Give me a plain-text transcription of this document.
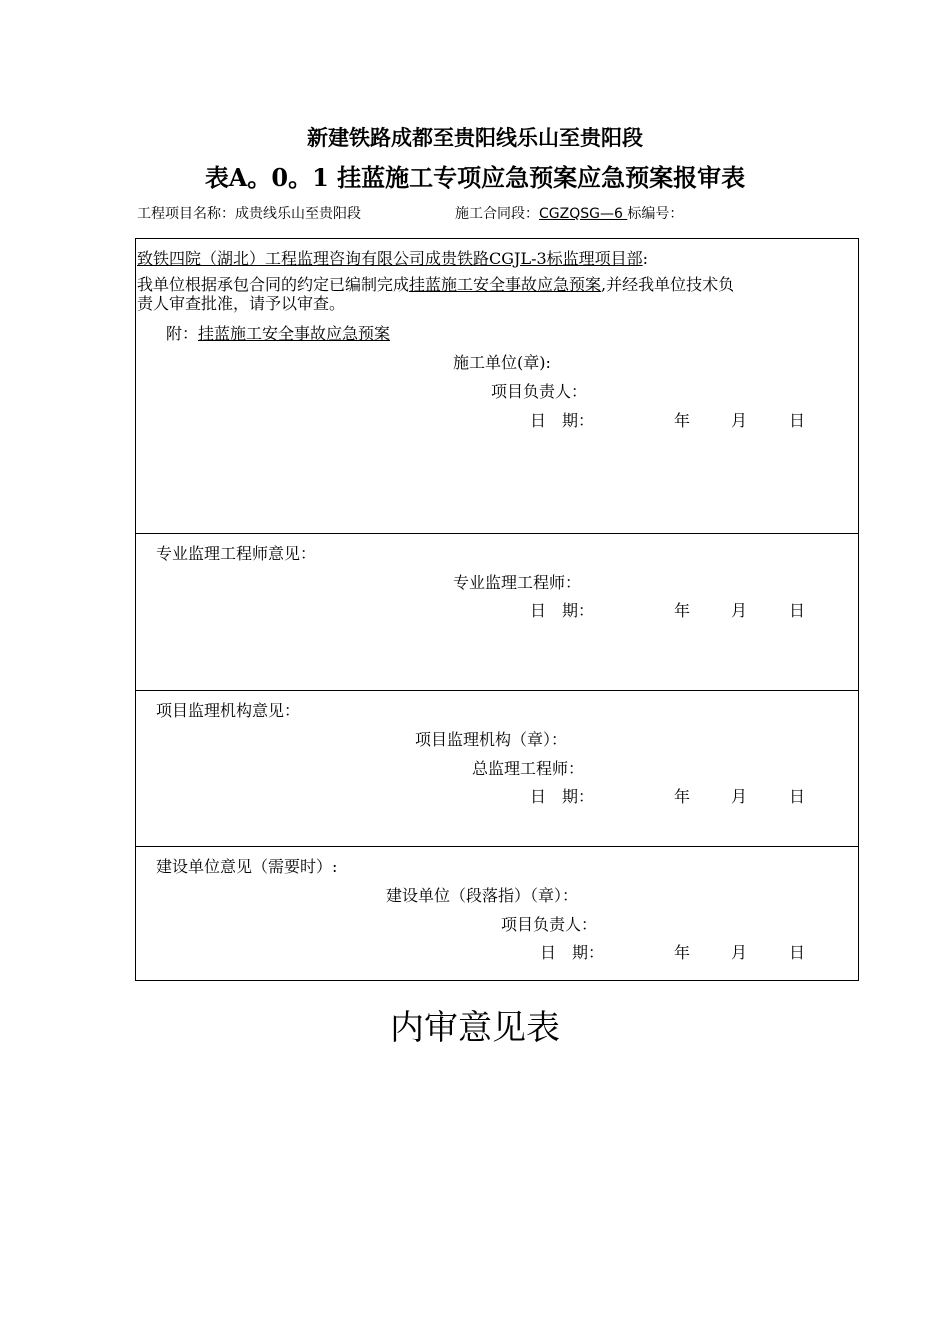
新建铁路成都至贵阳线乐山至贵阳段
表A。0。1 挂蓝施工专项应急预案应急预案报审表
工程项目名称：成贵线乐山至贵阳段	施工合同段：CGZQSG—6 标编号：
致铁四院（湖北）工程监理咨询有限公司成贵铁路CGJL-3标监理项目部:
我单位根据承包合同的约定已编制完成挂蓝施工安全事故应急预案,并经我单位技术负
责人审查批准，请予以审查。
附：挂蓝施工安全事故应急预案
施工单位(章):
项目负责人：
日　期：	年	月	日
专业监理工程师意见：
专业监理工程师：
日　期：	年	月	日
项目监理机构意见：
项目监理机构（章）：
总监理工程师：
日　期：	年	月	日
建设单位意见（需要时）:
建设单位（段落指）（章）：
项目负责人：
日　期：	年	月	日
内审意见表
